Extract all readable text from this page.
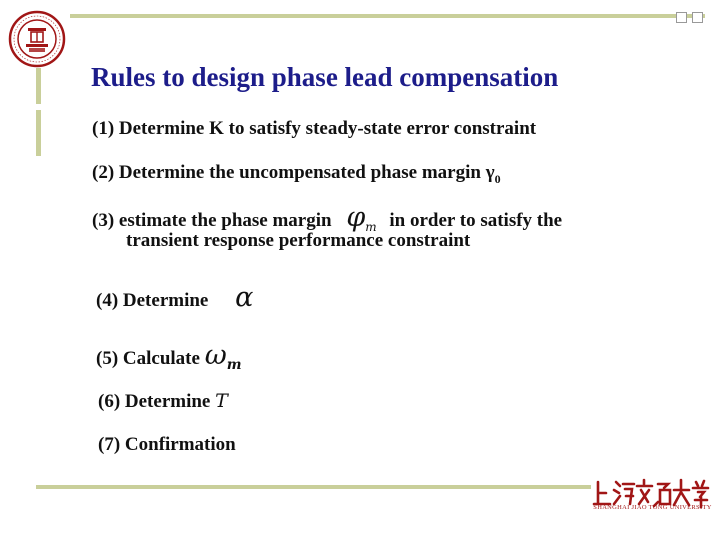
Rules to design phase lead compensation

(1) Determine K to satisfy steady-state error constraint

(2) Determine the uncompensated phase margin $\gamma_0$

(3) estimate the phase margin $\varphi_m$ in order to satisfy the

transient response performance constraint

(4) Determine α

(5) Calculate $\omega_m$

(6) Determine T

(7) Confirmation

SHANGHAI JIAO TONG UNIVERSITY
